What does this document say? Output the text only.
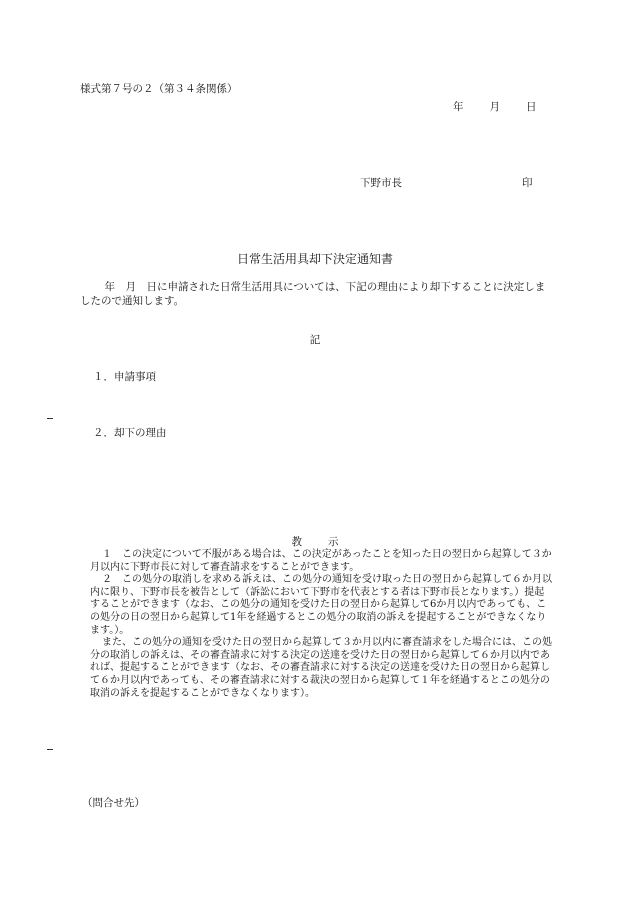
様式第７号の２（第３４条関係）
年 月 日
下野市長	印
日常生活用具却下決定通知書

　年　月　日に申請された日常生活用具については、下記の理由により却下することに決定しましたので通知します。

記
１．申請事項
２．却下の理由
教 示

１　この決定について不服がある場合は、この決定があったことを知った日の翌日から起算して３か月以内に下野市長に対して審査請求をすることができます。

２　この処分の取消しを求める訴えは、この処分の通知を受け取った日の翌日から起算して６か月以内に限り、下野市長を被告として（訴訟において下野市を代表とする者は下野市長となります。）提起することができます（なお、この処分の通知を受けた日の翌日から起算して6か月以内であっても、この処分の日の翌日から起算して1年を経過するとこの処分の取消の訴えを提起することができなくなります。）。

また、この処分の通知を受けた日の翌日から起算して３か月以内に審査請求をした場合には、この処分の取消しの訴えは、その審査請求に対する決定の送達を受けた日の翌日から起算して６か月以内であれば、提起することができます（なお、その審査請求に対する決定の送達を受けた日の翌日から起算して６か月以内であっても、その審査請求に対する裁決の翌日から起算して１年を経過するとこの処分の取消の訴えを提起することができなくなります）。

（問合せ先）
